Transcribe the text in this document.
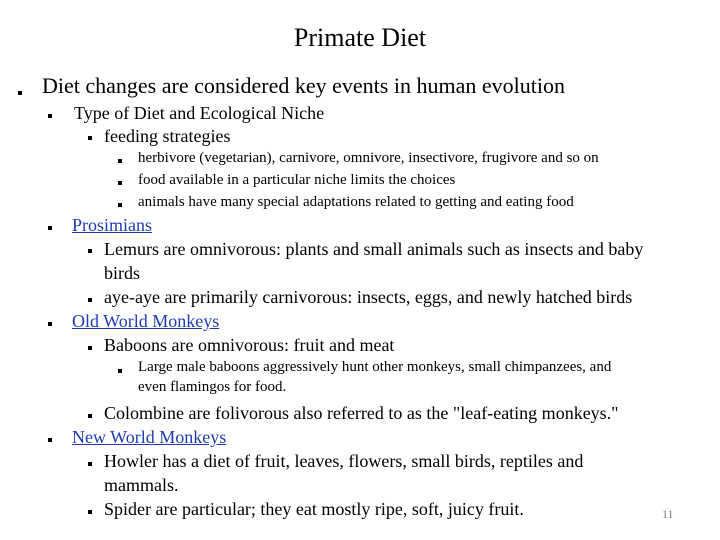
Primate Diet
Diet changes are considered key events in human evolution
Type of Diet and Ecological Niche
feeding strategies
herbivore (vegetarian), carnivore, omnivore, insectivore, frugivore and so on
food available in a particular niche limits the choices
animals have many special adaptations related to getting and eating food
Prosimians
Lemurs are omnivorous: plants and small animals such as insects and baby
birds
aye-aye are primarily carnivorous: insects, eggs, and newly hatched birds
Old World Monkeys
Baboons are omnivorous: fruit and meat
Large male baboons aggressively hunt other monkeys, small chimpanzees, and
even flamingos for food.
Colombine are folivorous also referred to as the "leaf-eating monkeys."
New World Monkeys
Howler has a diet of fruit, leaves, flowers, small birds, reptiles and
mammals.
Spider are particular; they eat mostly ripe, soft, juicy fruit.	11
